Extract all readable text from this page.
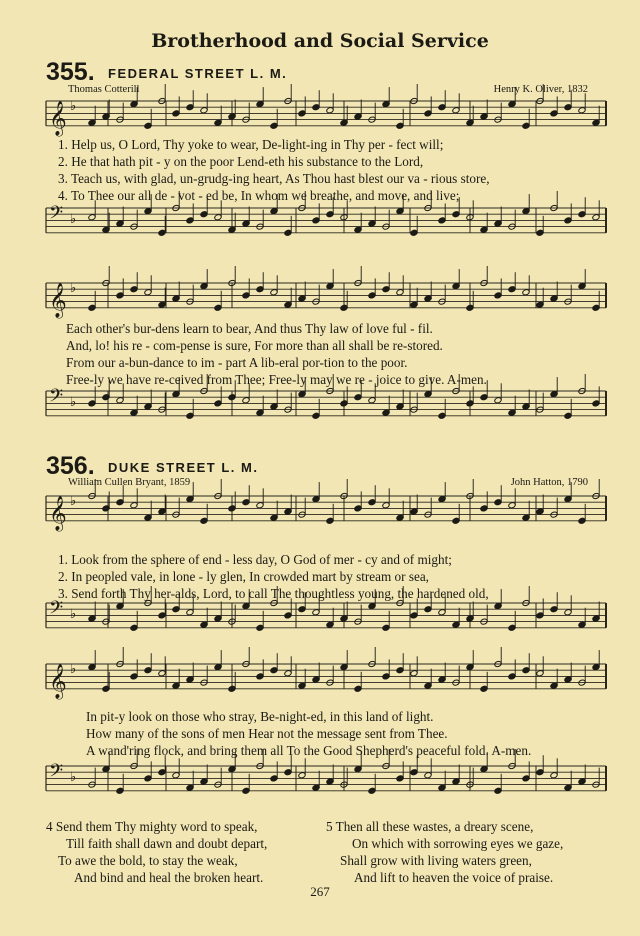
Brotherhood and Social Service
355. FEDERAL STREET L. M.
Thomas Cotterill	Henry K. Oliver, 1832
𝄞 ♭
𝄢 ♭
𝄞 ♭
𝄢 ♭
1. Help us, O Lord, Thy yoke to wear, De-light-ing in Thy per - fect will;
2. He that hath pit - y on the poor Lend-eth his substance to the Lord,
3. Teach us, with glad, un-grudg-ing heart, As Thou hast blest our va - rious store,
4. To Thee our all de - vot - ed be, In whom we breathe, and move, and live;
Each other's bur-dens learn to bear, And thus Thy law of love ful - fil.
And, lo! his re - com-pense is sure, For more than all shall be re-stored.
From our a-bun-dance to im - part A lib-eral por-tion to the poor.
Free-ly we have re-ceived from Thee; Free-ly may we re - joice to give. A-men.
356. DUKE STREET L. M.
William Cullen Bryant, 1859	John Hatton, 1790
𝄞 ♭
𝄢 ♭
𝄞 ♭
𝄢 ♭
1. Look from the sphere of end - less day, O God of mer - cy and of might;
2. In peopled vale, in lone - ly glen, In crowded mart by stream or sea,
3. Send forth Thy her-alds, Lord, to call The thoughtless young, the hardened old,
In pit-y look on those who stray, Be-night-ed, in this land of light.
How many of the sons of men Hear not the message sent from Thee.
A wand'ring flock, and bring them all To the Good Shepherd's peaceful fold. A-men.
4 Send them Thy mighty word to speak,
Till faith shall dawn and doubt depart,
To awe the bold, to stay the weak,
And bind and heal the broken heart.
5 Then all these wastes, a dreary scene,
On which with sorrowing eyes we gaze,
Shall grow with living waters green,
And lift to heaven the voice of praise.
267
